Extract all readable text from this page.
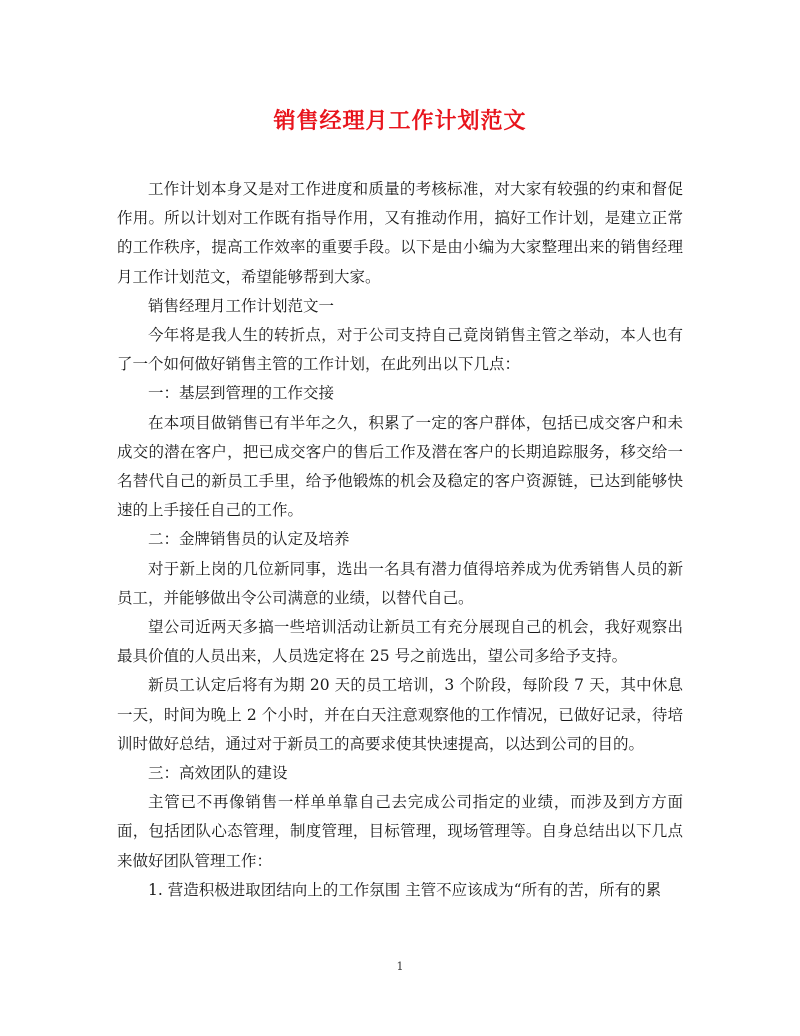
销售经理月工作计划范文

工作计划本身又是对工作进度和质量的考核标准，对大家有较强的约束和督促作用。所以计划对工作既有指导作用，又有推动作用，搞好工作计划，是建立正常的工作秩序，提高工作效率的重要手段。以下是由小编为大家整理出来的销售经理月工作计划范文，希望能够帮到大家。

销售经理月工作计划范文一

今年将是我人生的转折点，对于公司支持自己竟岗销售主管之举动，本人也有了一个如何做好销售主管的工作计划，在此列出以下几点：

一：基层到管理的工作交接

在本项目做销售已有半年之久，积累了一定的客户群体，包括已成交客户和未成交的潜在客户，把已成交客户的售后工作及潜在客户的长期追踪服务，移交给一名替代自己的新员工手里，给予他锻炼的机会及稳定的客户资源链，已达到能够快速的上手接任自己的工作。

二：金牌销售员的认定及培养

对于新上岗的几位新同事，选出一名具有潜力值得培养成为优秀销售人员的新员工，并能够做出令公司满意的业绩，以替代自己。

望公司近两天多搞一些培训活动让新员工有充分展现自己的机会，我好观察出最具价值的人员出来，人员选定将在 25 号之前选出，望公司多给予支持。

新员工认定后将有为期 20 天的员工培训，3 个阶段，每阶段 7 天，其中休息一天，时间为晚上 2 个小时，并在白天注意观察他的工作情况，已做好记录，待培训时做好总结，通过对于新员工的高要求使其快速提高，以达到公司的目的。

三：高效团队的建设

主管已不再像销售一样单单靠自己去完成公司指定的业绩，而涉及到方方面面，包括团队心态管理，制度管理，目标管理，现场管理等。自身总结出以下几点来做好团队管理工作：

1. 营造积极进取团结向上的工作氛围 主管不应该成为“所有的苦，所有的累

1
